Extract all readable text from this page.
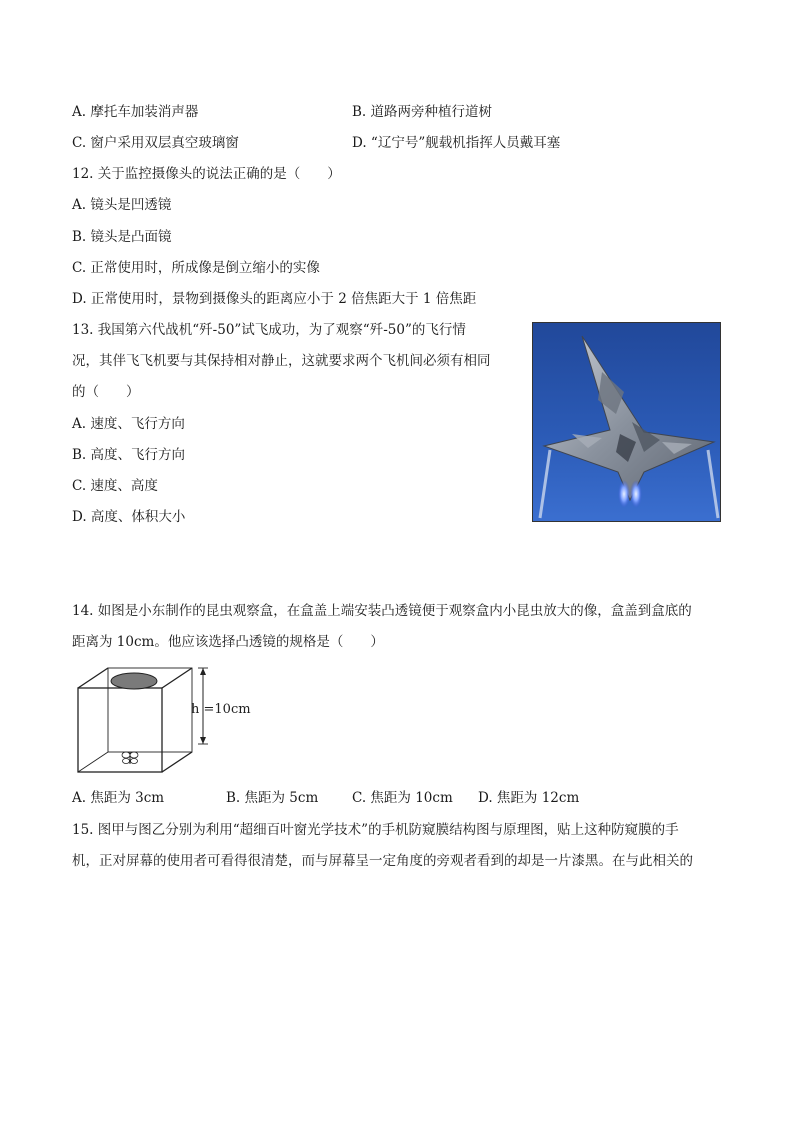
A. 摩托车加装消声器	B. 道路两旁种植行道树
C. 窗户采用双层真空玻璃窗	D. “辽宁号”舰载机指挥人员戴耳塞
12. 关于监控摄像头的说法正确的是（　　）
A. 镜头是凹透镜
B. 镜头是凸面镜
C. 正常使用时，所成像是倒立缩小的实像
D. 正常使用时，景物到摄像头的距离应小于 2 倍焦距大于 1 倍焦距
13. 我国第六代战机“歼-50”试飞成功，为了观察“歼-50”的飞行情
况，其伴飞飞机要与其保持相对静止，这就要求两个飞机间必须有相同
的（　　）
A. 速度、飞行方向
B. 高度、飞行方向
C. 速度、高度
D. 高度、体积大小
14. 如图是小东制作的昆虫观察盒，在盒盖上端安装凸透镜便于观察盒内小昆虫放大的像，盒盖到盒底的
距离为 10cm。他应该选择凸透镜的规格是（　　）
h =10cm
A. 焦距为 3cm	B. 焦距为 5cm	C. 焦距为 10cm D. 焦距为 12cm
15. 图甲与图乙分别为利用“超细百叶窗光学技术”的手机防窥膜结构图与原理图，贴上这种防窥膜的手
机，正对屏幕的使用者可看得很清楚，而与屏幕呈一定角度的旁观者看到的却是一片漆黑。在与此相关的
